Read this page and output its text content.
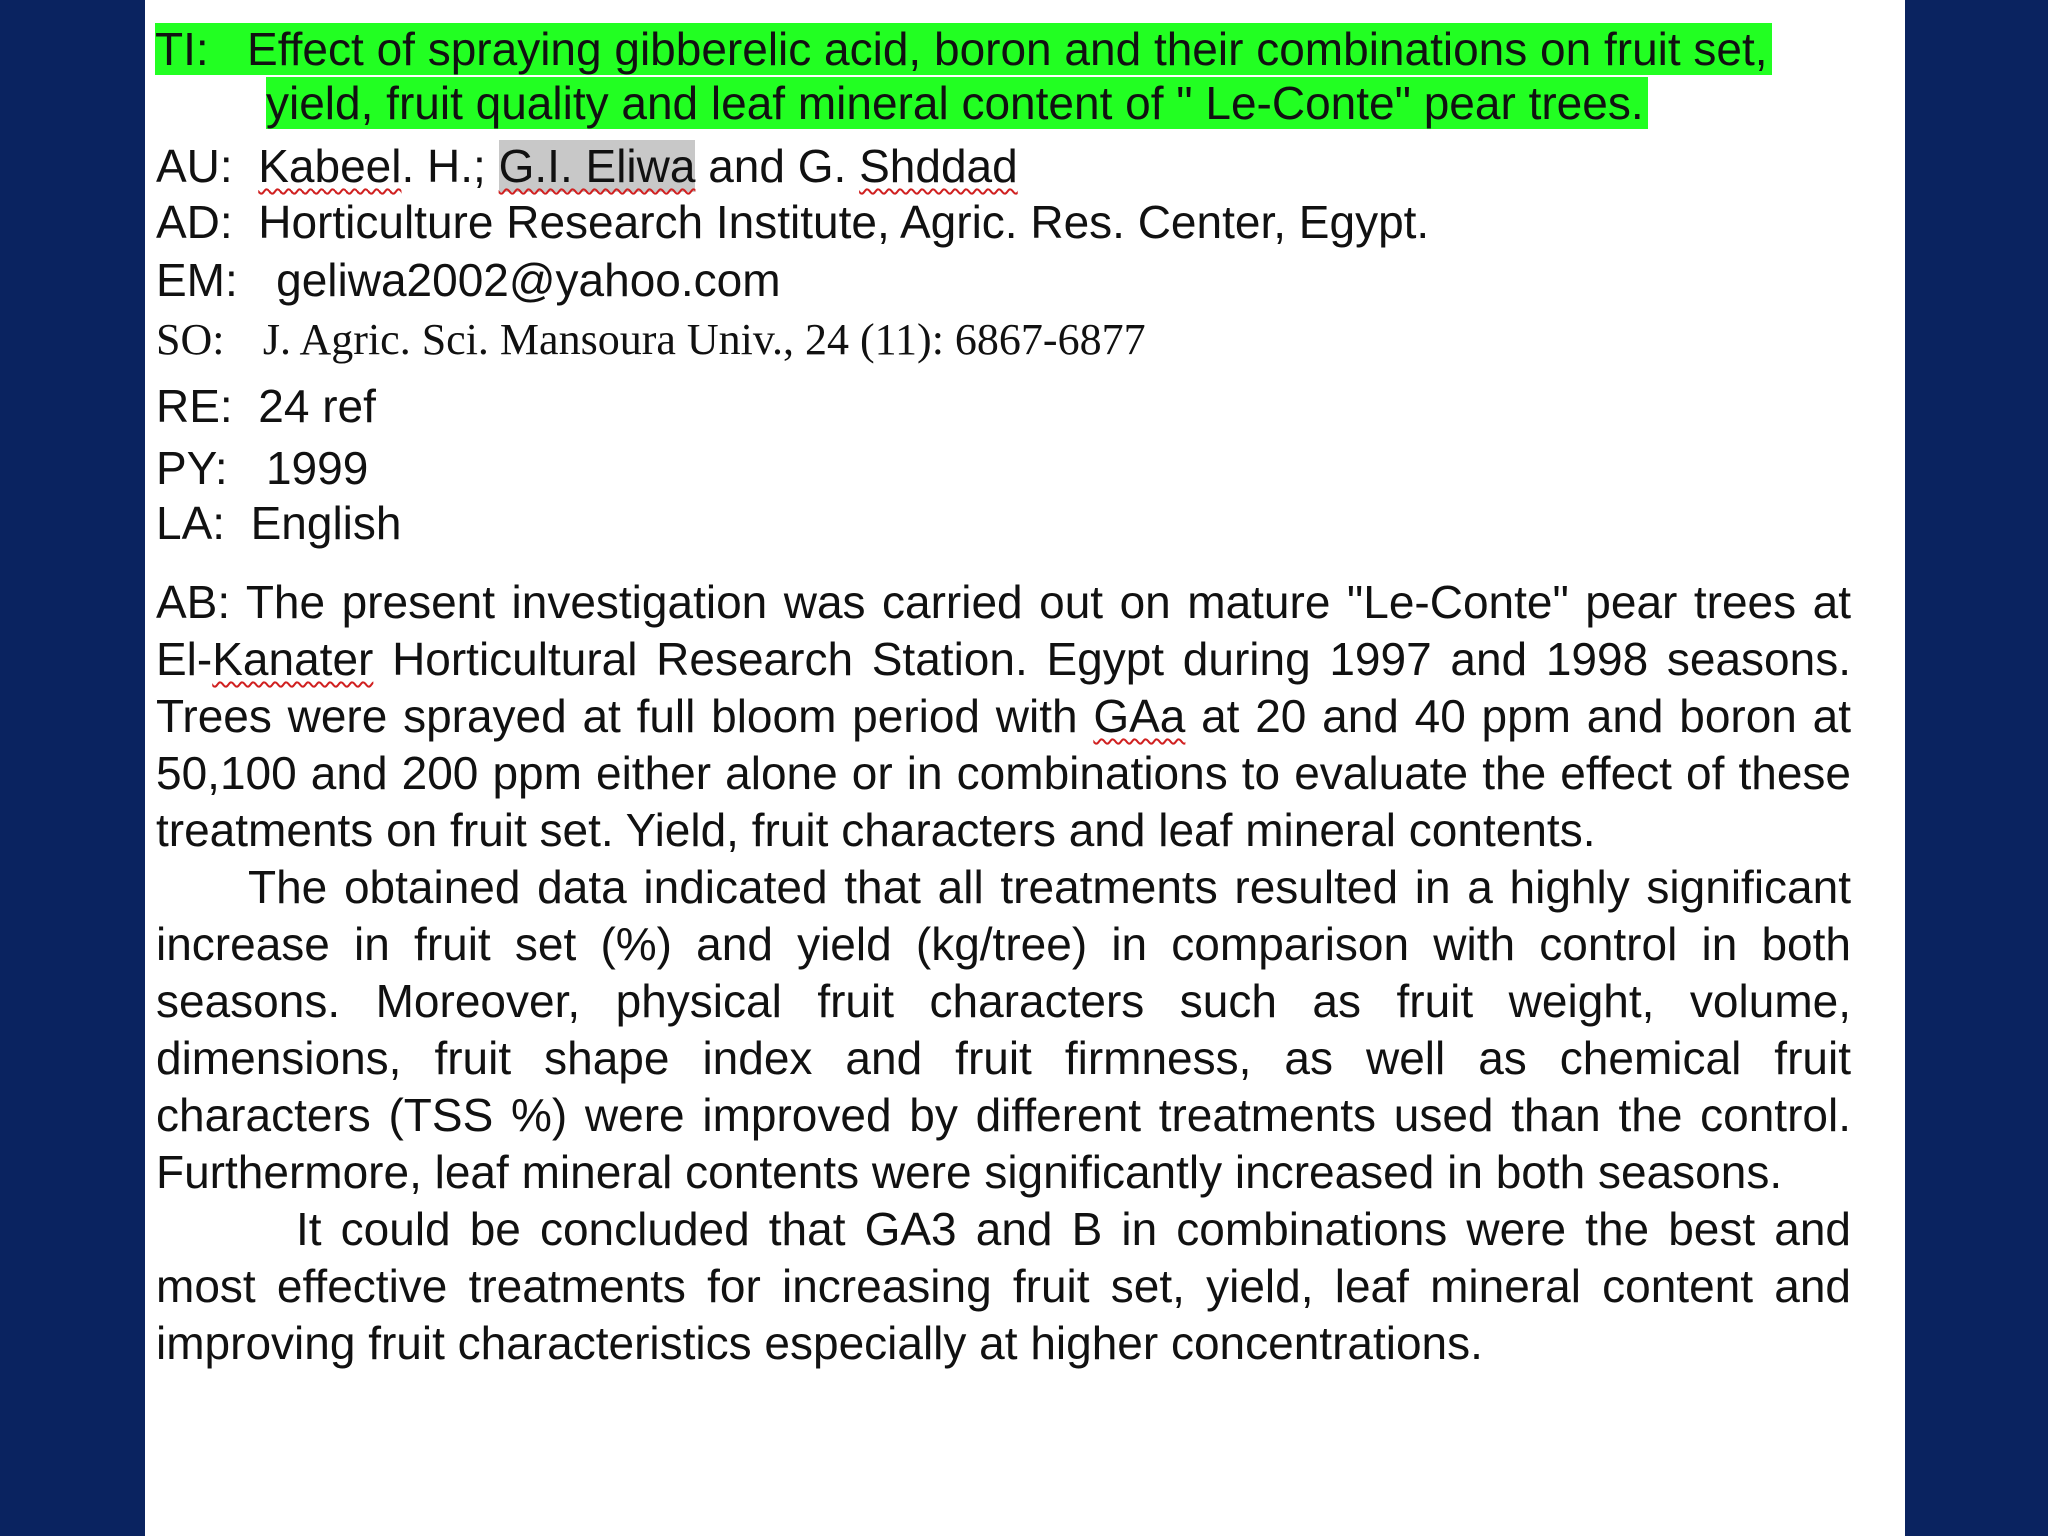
TI: Effect of spraying gibberelic acid, boron and their combinations on fruit set,
yield, fruit quality and leaf mineral content of " Le-Conte" pear trees.
AU: Kabeel. H.; G.I. Eliwa and G. Shddad
AD: Horticulture Research Institute, Agric. Res. Center, Egypt.
EM: geliwa2002@yahoo.com
SO: J. Agric. Sci. Mansoura Univ., 24 (11): 6867-6877
RE: 24 ref
PY: 1999
LA: English

AB: The present investigation was carried out on mature "Le-Conte" pear trees at El-Kanater Horticultural Research Station. Egypt during 1997 and 1998 seasons. Trees were sprayed at full bloom period with GAa at 20 and 40 ppm and boron at 50,100 and 200 ppm either alone or in combinations to evaluate the effect of these treatments on fruit set. Yield, fruit characters and leaf mineral contents.

The obtained data indicated that all treatments resulted in a highly significant increase in fruit set (%) and yield (kg/tree) in comparison with control in both seasons. Moreover, physical fruit characters such as fruit weight, volume, dimensions, fruit shape index and fruit firmness, as well as chemical fruit characters (TSS %) were improved by different treatments used than the control. Furthermore, leaf mineral contents were significantly increased in both seasons.

It could be concluded that GA3 and B in combinations were the best and most effective treatments for increasing fruit set, yield, leaf mineral content and improving fruit characteristics especially at higher concentrations.
